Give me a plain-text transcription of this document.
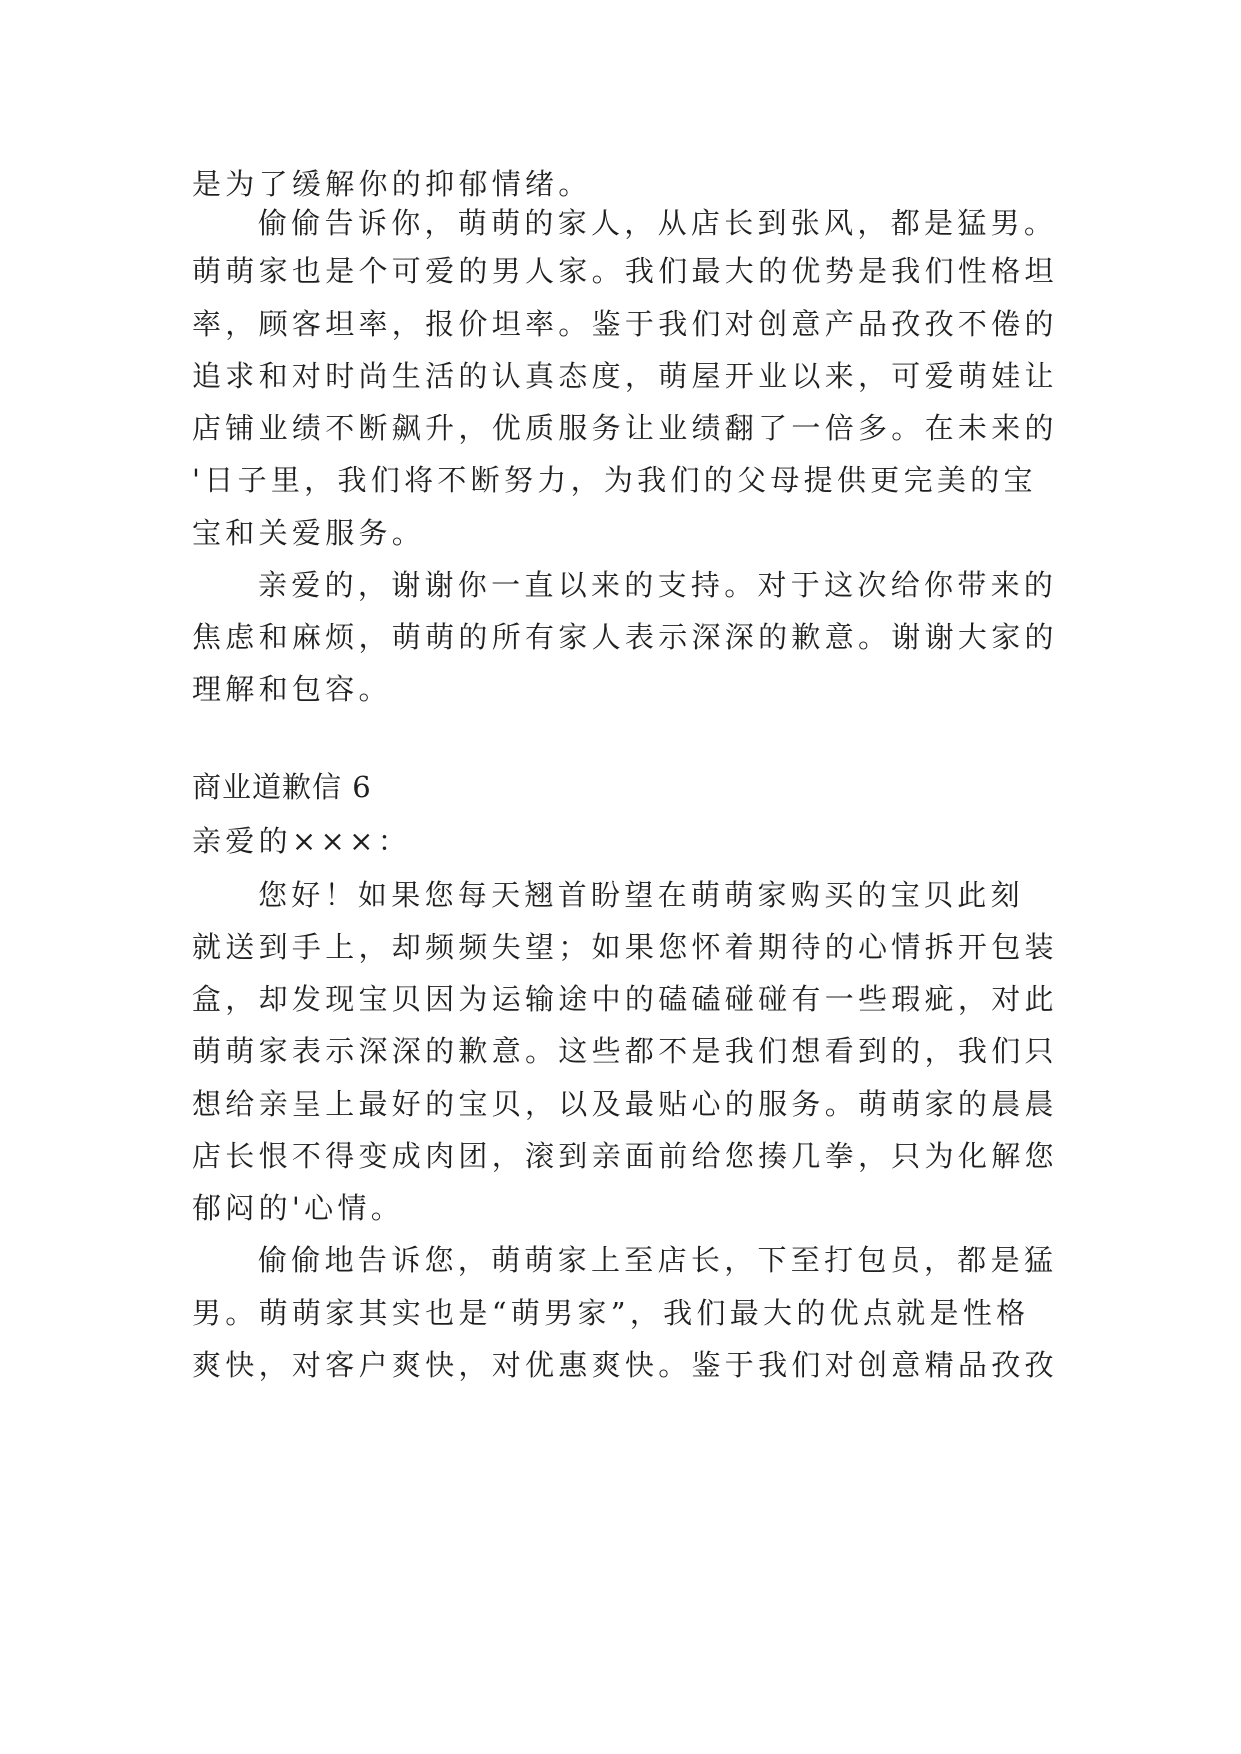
是为了缓解你的抑郁情绪。
偷偷告诉你，萌萌的家人，从店长到张风，都是猛男。
萌萌家也是个可爱的男人家。我们最大的优势是我们性格坦
率，顾客坦率，报价坦率。鉴于我们对创意产品孜孜不倦的
追求和对时尚生活的认真态度，萌屋开业以来，可爱萌娃让
店铺业绩不断飙升，优质服务让业绩翻了一倍多。在未来的
'日子里，我们将不断努力，为我们的父母提供更完美的宝
宝和关爱服务。
亲爱的，谢谢你一直以来的支持。对于这次给你带来的
焦虑和麻烦，萌萌的所有家人表示深深的歉意。谢谢大家的
理解和包容。
商业道歉信 6
亲爱的×××：
您好！如果您每天翘首盼望在萌萌家购买的宝贝此刻
就送到手上，却频频失望；如果您怀着期待的心情拆开包装
盒，却发现宝贝因为运输途中的磕磕碰碰有一些瑕疵，对此
萌萌家表示深深的歉意。这些都不是我们想看到的，我们只
想给亲呈上最好的宝贝，以及最贴心的服务。萌萌家的晨晨
店长恨不得变成肉团，滚到亲面前给您揍几拳，只为化解您
郁闷的'心情。
偷偷地告诉您，萌萌家上至店长，下至打包员，都是猛
男。萌萌家其实也是“萌男家”，我们最大的优点就是性格
爽快，对客户爽快，对优惠爽快。鉴于我们对创意精品孜孜
